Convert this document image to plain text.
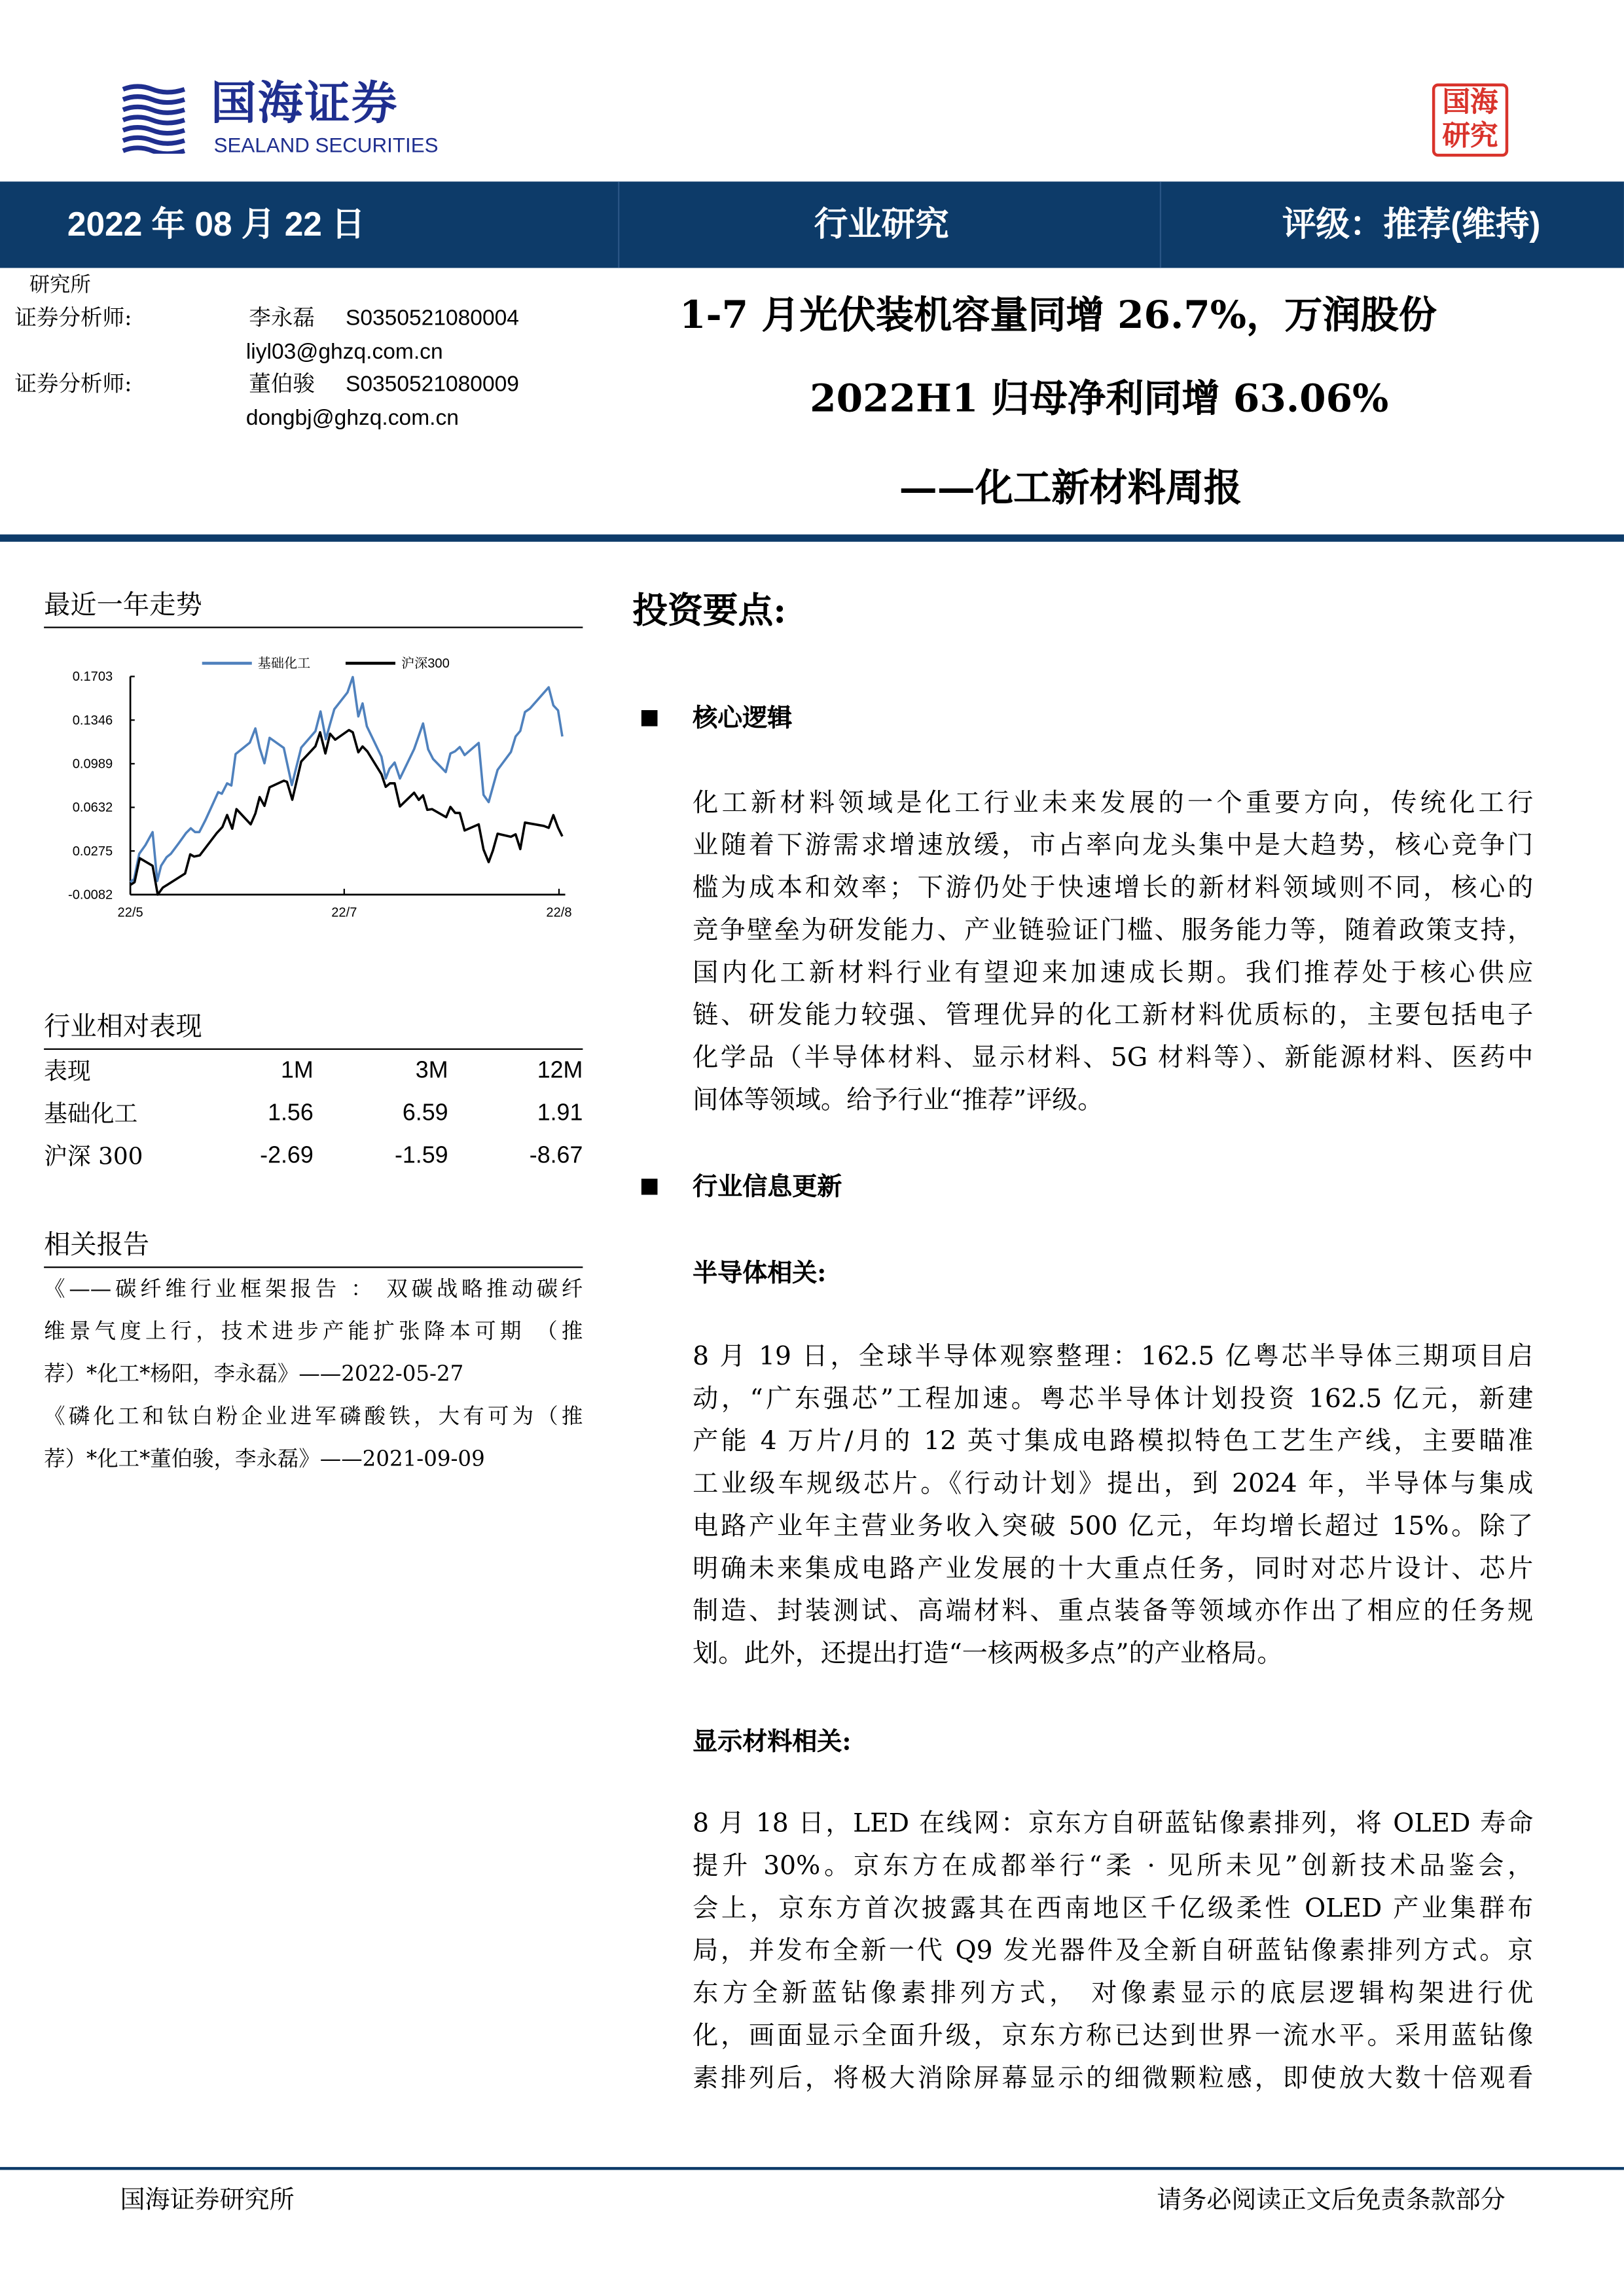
国海证券
SEALAND SECURITIES
国海研究
2022 年 08 月 22 日	行业研究	评级：推荐(维持)
研究所
证券分析师:	李永磊	S0350521080004
liyl03@ghzq.com.cn
证券分析师:	董伯骏	S0350521080009
dongbj@ghzq.com.cn
1-7 月光伏装机容量同增 26.7%，万润股份
2022H1 归母净利同增 63.06%
——化工新材料周报
最近一年走势
-0.0082
0.0275
0.0632
0.0989
0.1346
0.1703
22/5	22/7	22/8
基础化工	沪深300
行业相对表现
表现	1M	3M	12M
基础化工	1.56	6.59	1.91
沪深 300	-2.69	-1.59	-8.67
相关报告
《——碳纤维行业框架报告 ： 双碳战略推动碳纤
维景气度上行，技术进步产能扩张降本可期 （推
荐）*化工*杨阳，李永磊》——2022-05-27
《磷化工和钛白粉企业进军磷酸铁，大有可为（推
荐）*化工*董伯骏，李永磊》——2021-09-09
投资要点:
核心逻辑
化工新材料领域是化工行业未来发展的一个重要方向，传统化工行
业随着下游需求增速放缓，市占率向龙头集中是大趋势，核心竞争门
槛为成本和效率；下游仍处于快速增长的新材料领域则不同，核心的
竞争壁垒为研发能力、产业链验证门槛、服务能力等，随着政策支持，
国内化工新材料行业有望迎来加速成长期。我们推荐处于核心供应
链、研发能力较强、管理优异的化工新材料优质标的，主要包括电子
化学品（半导体材料、显示材料、5G 材料等）、新能源材料、医药中
间体等领域。给予行业“推荐”评级。
行业信息更新
半导体相关:
8 月 19 日，全球半导体观察整理：162.5 亿粤芯半导体三期项目启
动，“广东强芯”工程加速。粤芯半导体计划投资 162.5 亿元，新建
产能 4 万片/月的 12 英寸集成电路模拟特色工艺生产线，主要瞄准
工业级车规级芯片。《行动计划》提出，到 2024 年，半导体与集成
电路产业年主营业务收入突破 500 亿元，年均增长超过 15%。除了
明确未来集成电路产业发展的十大重点任务，同时对芯片设计、芯片
制造、封装测试、高端材料、重点装备等领域亦作出了相应的任务规
划。此外，还提出打造“一核两极多点”的产业格局。
显示材料相关:
8 月 18 日，LED 在线网：京东方自研蓝钻像素排列，将 OLED 寿命
提升 30%。京东方在成都举行“柔 · 见所未见”创新技术品鉴会，
会上，京东方首次披露其在西南地区千亿级柔性 OLED 产业集群布
局，并发布全新一代 Q9 发光器件及全新自研蓝钻像素排列方式。京
东方全新蓝钻像素排列方式， 对像素显示的底层逻辑构架进行优
化，画面显示全面升级，京东方称已达到世界一流水平。采用蓝钻像
素排列后，将极大消除屏幕显示的细微颗粒感，即使放大数十倍观看
国海证券研究所	请务必阅读正文后免责条款部分
